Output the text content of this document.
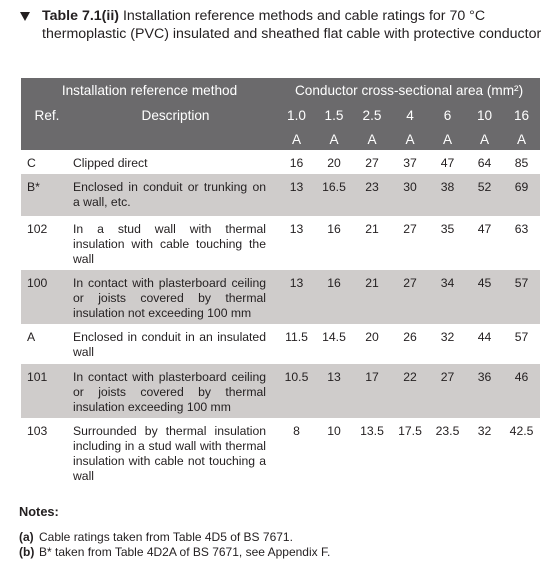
Table 7.1(ii) Installation reference methods and cable ratings for 70 °C thermoplastic (PVC) insulated and sheathed flat cable with protective conductor
Installation reference method		Conductor cross-sectional area (mm²)						
Ref.	Description	1.0	1.5	2.5	4	6	10	16
		A	A	A	A	A	A	A
C	Clipped direct	16	20	27	37	47	64	85
B*	Enclosed in conduit or trunking on a wall, etc.	13	16.5	23	30	38	52	69
102	In a stud wall with thermal insulation with cable touching the wall	13	16	21	27	35	47	63
100	In contact with plasterboard ceiling or joists covered by thermal insulation not exceeding 100 mm	13	16	21	27	34	45	57
A	Enclosed in conduit in an insulated wall	11.5	14.5	20	26	32	44	57
101	In contact with plasterboard ceiling or joists covered by thermal insulation exceeding 100 mm	10.5	13	17	22	27	36	46
103	Surrounded by thermal insulation including in a stud wall with thermal insulation with cable not touching a wall	8	10	13.5	17.5	23.5	32	42.5
Notes:
(a) Cable ratings taken from Table 4D5 of BS 7671.
(b) B* taken from Table 4D2A of BS 7671, see Appendix F.
